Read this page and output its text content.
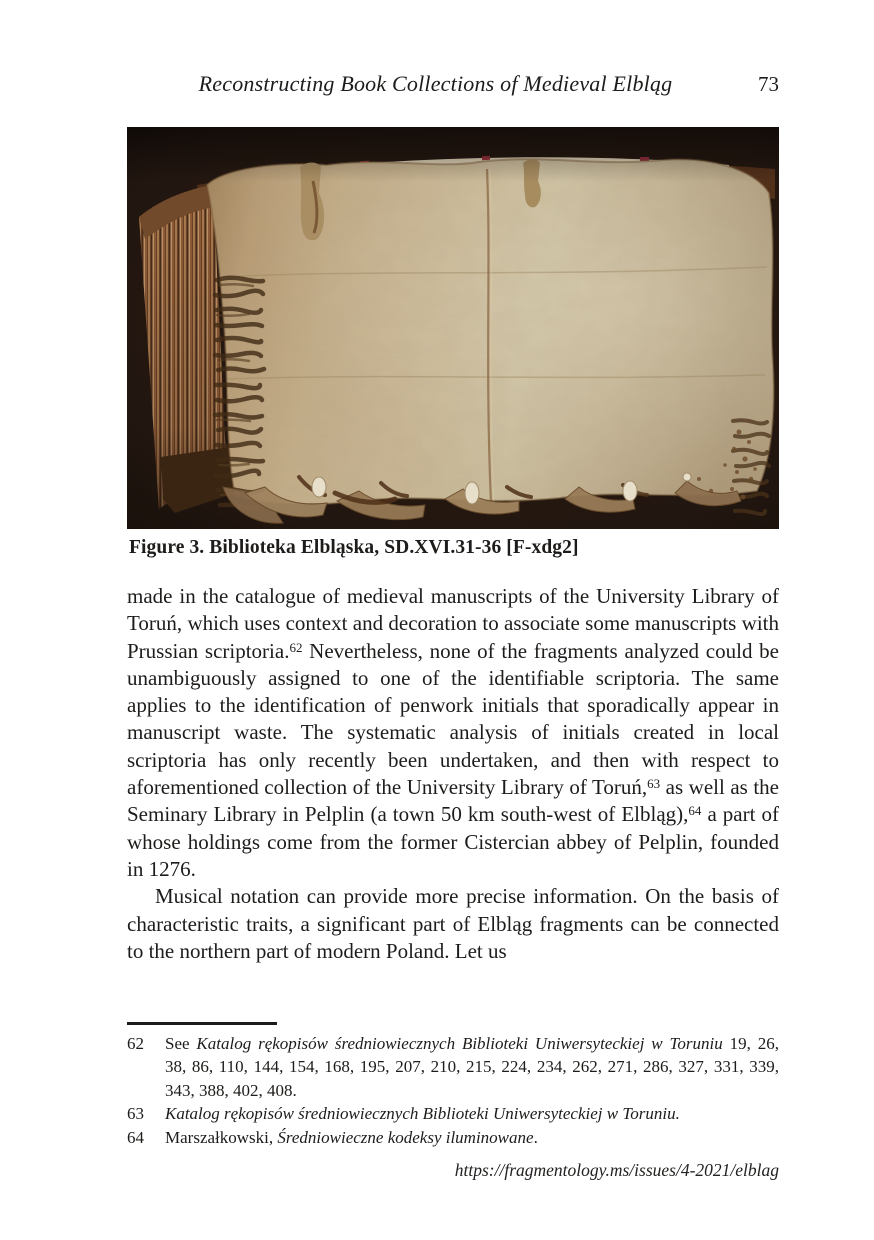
Reconstructing Book Collections of Medieval Elbląg	73
Figure 3. Biblioteka Elbląska, SD.XVI.31-36 [F-xdg2]

made in the catalogue of medieval manuscripts of the University Library of Toruń, which uses context and decoration to associate some manuscripts with Prussian scriptoria.$^{62}$ Nevertheless, none of the fragments analyzed could be unambiguously assigned to one of the identifiable scriptoria. The same applies to the identification of penwork initials that sporadically appear in manuscript waste. The systematic analysis of initials created in local scriptoria has only recently been undertaken, and then with respect to aforementioned collection of the University Library of Toruń,$^{63}$ as well as the Seminary Library in Pelplin (a town 50 km south-west of Elbląg),$^{64}$ a part of whose holdings come from the former Cistercian abbey of Pelplin, founded in 1276.

Musical notation can provide more precise information. On the basis of characteristic traits, a significant part of Elbląg fragments can be connected to the northern part of modern Poland. Let us

62	See Katalog rękopisów średniowiecznych Biblioteki Uniwersyteckiej w Toruniu 19, 26, 38, 86, 110, 144, 154, 168, 195, 207, 210, 215, 224, 234, 262, 271, 286, 327, 331, 339, 343, 388, 402, 408.
63	Katalog rękopisów średniowiecznych Biblioteki Uniwersyteckiej w Toruniu.
64	Marszałkowski, Średniowieczne kodeksy iluminowane.
https://fragmentology.ms/issues/4-2021/elblag
